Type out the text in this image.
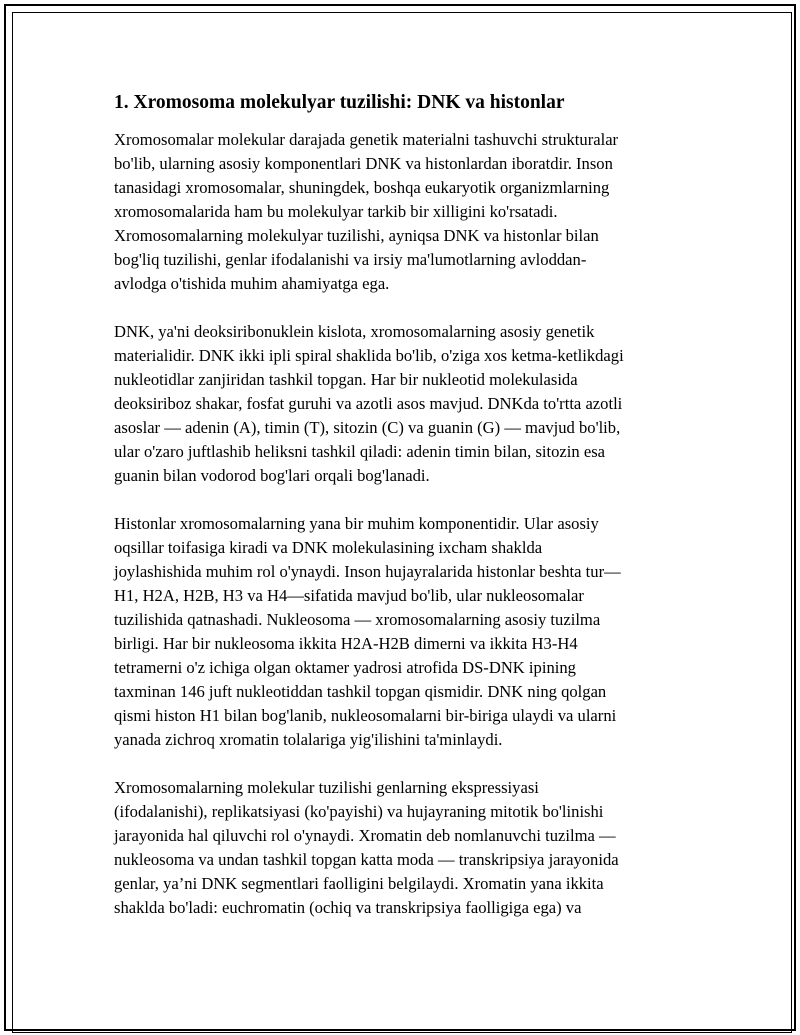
1. Xromosoma molekulyar tuzilishi: DNK va histonlar
Xromosomalar molekular darajada genetik materialni tashuvchi strukturalar
bo'lib, ularning asosiy komponentlari DNK va histonlardan iboratdir. Inson
tanasidagi xromosomalar, shuningdek, boshqa eukaryotik organizmlarning
xromosomalarida ham bu molekulyar tarkib bir xilligini ko'rsatadi.
Xromosomalarning molekulyar tuzilishi, ayniqsa DNK va histonlar bilan
bog'liq tuzilishi, genlar ifodalanishi va irsiy ma'lumotlarning avloddan-
avlodga o'tishida muhim ahamiyatga ega.
DNK, ya'ni deoksiribonuklein kislota, xromosomalarning asosiy genetik
materialidir. DNK ikki ipli spiral shaklida bo'lib, o'ziga xos ketma-ketlikdagi
nukleotidlar zanjiridan tashkil topgan. Har bir nukleotid molekulasida
deoksiriboz shakar, fosfat guruhi va azotli asos mavjud. DNKda to'rtta azotli
asoslar — adenin (A), timin (T), sitozin (C) va guanin (G) — mavjud bo'lib,
ular o'zaro juftlashib heliksni tashkil qiladi: adenin timin bilan, sitozin esa
guanin bilan vodorod bog'lari orqali bog'lanadi.
Histonlar xromosomalarning yana bir muhim komponentidir. Ular asosiy
oqsillar toifasiga kiradi va DNK molekulasining ixcham shaklda
joylashishida muhim rol o'ynaydi. Inson hujayralarida histonlar beshta tur—
H1, H2A, H2B, H3 va H4—sifatida mavjud bo'lib, ular nukleosomalar
tuzilishida qatnashadi. Nukleosoma — xromosomalarning asosiy tuzilma
birligi. Har bir nukleosoma ikkita H2A-H2B dimerni va ikkita H3-H4
tetramerni o'z ichiga olgan oktamer yadrosi atrofida DS-DNK ipining
taxminan 146 juft nukleotiddan tashkil topgan qismidir. DNK ning qolgan
qismi histon H1 bilan bog'lanib, nukleosomalarni bir-biriga ulaydi va ularni
yanada zichroq xromatin tolalariga yig'ilishini ta'minlaydi.
Xromosomalarning molekular tuzilishi genlarning ekspressiyasi
(ifodalanishi), replikatsiyasi (ko'payishi) va hujayraning mitotik bo'linishi
jarayonida hal qiluvchi rol o'ynaydi. Xromatin deb nomlanuvchi tuzilma —
nukleosoma va undan tashkil topgan katta moda — transkripsiya jarayonida
genlar, ya’ni DNK segmentlari faolligini belgilaydi. Xromatin yana ikkita
shaklda bo'ladi: euchromatin (ochiq va transkripsiya faolligiga ega) va
